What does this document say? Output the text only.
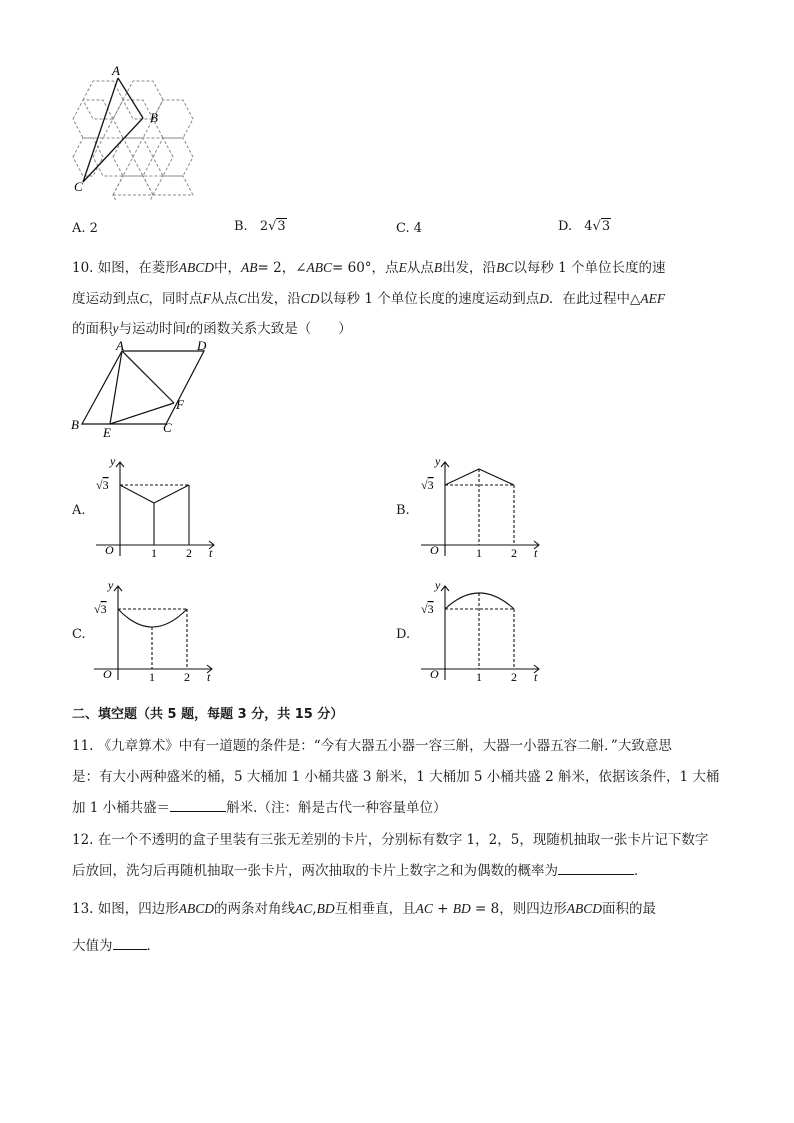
A
B
C
A. 2	B. 2√3	C. 4	D. 4√3
10. 如图，在菱形ABCD中，AB= 2，∠ABC= 60°，点E从点B出发，沿BC以每秒 1 个单位长度的速
度运动到点C，同时点F从点C出发，沿CD以每秒 1 个单位长度的速度运动到点D．在此过程中△AEF
的面积y与运动时间t的函数关系大致是（　　）
A	D
B
E	C
F
A.
y
√3
O	1 2 t
B.
y
√3
O	1 2 t
C.
y
√3
O	1 2 t
D.
y
√3
O	1 2 t
二、填空题（共 5 题，每题 3 分，共 15 分）
11. 《九章算术》中有一道题的条件是：“今有大器五小器一容三斛，大器一小器五容二斛．”大致意思
是：有大小两种盛米的桶，5 大桶加 1 小桶共盛 3 斛米，1 大桶加 5 小桶共盛 2 斛米，依据该条件，1 大桶
加 1 小桶共盛＝	斛米.（注：斛是古代一种容量单位）
12. 在一个不透明的盒子里装有三张无差别的卡片，分别标有数字 1，2，5，现随机抽取一张卡片记下数字
后放回，洗匀后再随机抽取一张卡片，两次抽取的卡片上数字之和为偶数的概率为	．
13. 如图，四边形ABCD的两条对角线AC,BD互相垂直，且AC + BD = 8，则四边形ABCD面积的最
大值为	．
